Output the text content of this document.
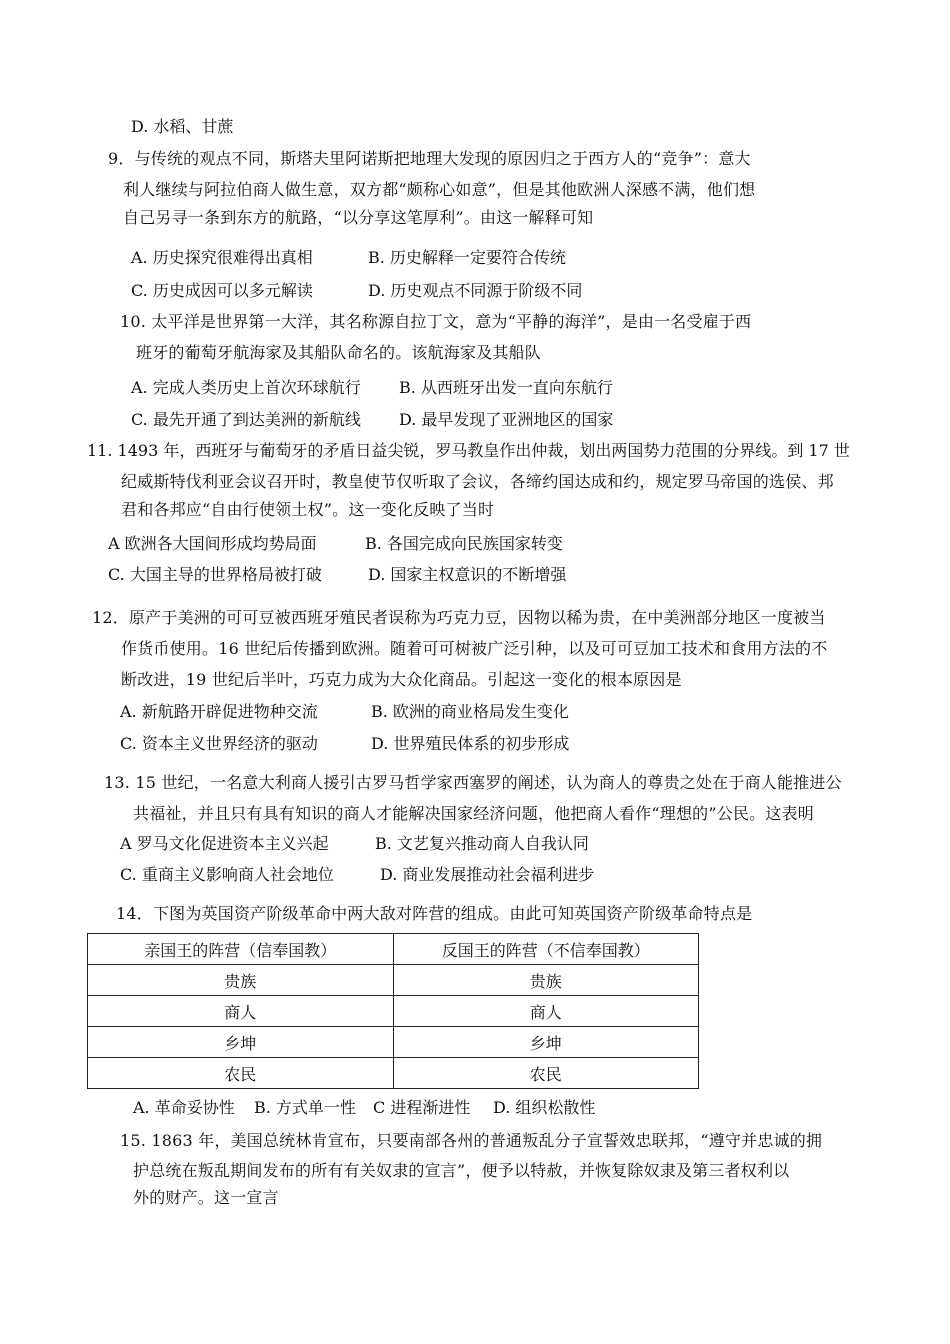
D. 水稻、甘蔗
9．与传统的观点不同，斯塔夫里阿诺斯把地理大发现的原因归之于西方人的“竞争”：意大
利人继续与阿拉伯商人做生意，双方都“颇称心如意”，但是其他欧洲人深感不满，他们想
自己另寻一条到东方的航路，“以分享这笔厚利”。由这一解释可知
A. 历史探究很难得出真相	B. 历史解释一定要符合传统
C. 历史成因可以多元解读	D. 历史观点不同源于阶级不同
10. 太平洋是世界第一大洋，其名称源自拉丁文，意为“平静的海洋”，是由一名受雇于西
班牙的葡萄牙航海家及其船队命名的。该航海家及其船队
A. 完成人类历史上首次环球航行 B. 从西班牙出发一直向东航行
C. 最先开通了到达美洲的新航线 D. 最早发现了亚洲地区的国家
11. 1493 年，西班牙与葡萄牙的矛盾日益尖锐，罗马教皇作出仲裁，划出两国势力范围的分界线。到 17 世
纪威斯特伐利亚会议召开时，教皇使节仅听取了会议，各缔约国达成和约，规定罗马帝国的选侯、邦
君和各邦应“自由行使领土权”。这一变化反映了当时
A 欧洲各大国间形成均势局面	B. 各国完成向民族国家转变
C. 大国主导的世界格局被打破	D. 国家主权意识的不断增强
12．原产于美洲的可可豆被西班牙殖民者误称为巧克力豆，因物以稀为贵，在中美洲部分地区一度被当
作货币使用。16 世纪后传播到欧洲。随着可可树被广泛引种，以及可可豆加工技术和食用方法的不
断改进，19 世纪后半叶，巧克力成为大众化商品。引起这一变化的根本原因是
A. 新航路开辟促进物种交流	B. 欧洲的商业格局发生变化
C. 资本主义世界经济的驱动	D. 世界殖民体系的初步形成
13. 15 世纪，一名意大利商人援引古罗马哲学家西塞罗的阐述，认为商人的尊贵之处在于商人能推进公
共福祉，并且只有具有知识的商人才能解决国家经济问题，他把商人看作“理想的”公民。这表明
A 罗马文化促进资本主义兴起	B. 文艺复兴推动商人自我认同
C. 重商主义影响商人社会地位	D. 商业发展推动社会福利进步
14．下图为英国资产阶级革命中两大敌对阵营的组成。由此可知英国资产阶级革命特点是
亲国王的阵营（信奉国教）	反国王的阵营（不信奉国教）
贵族	贵族
商人	商人
乡坤	乡坤
农民	农民
A. 革命妥协性 B. 方式单一性 C 进程渐进性 D. 组织松散性
15. 1863 年，美国总统林肯宣布，只要南部各州的普通叛乱分子宣誓效忠联邦，“遵守并忠诚的拥
护总统在叛乱期间发布的所有有关奴隶的宣言”，便予以特赦，并恢复除奴隶及第三者权利以
外的财产。这一宣言
